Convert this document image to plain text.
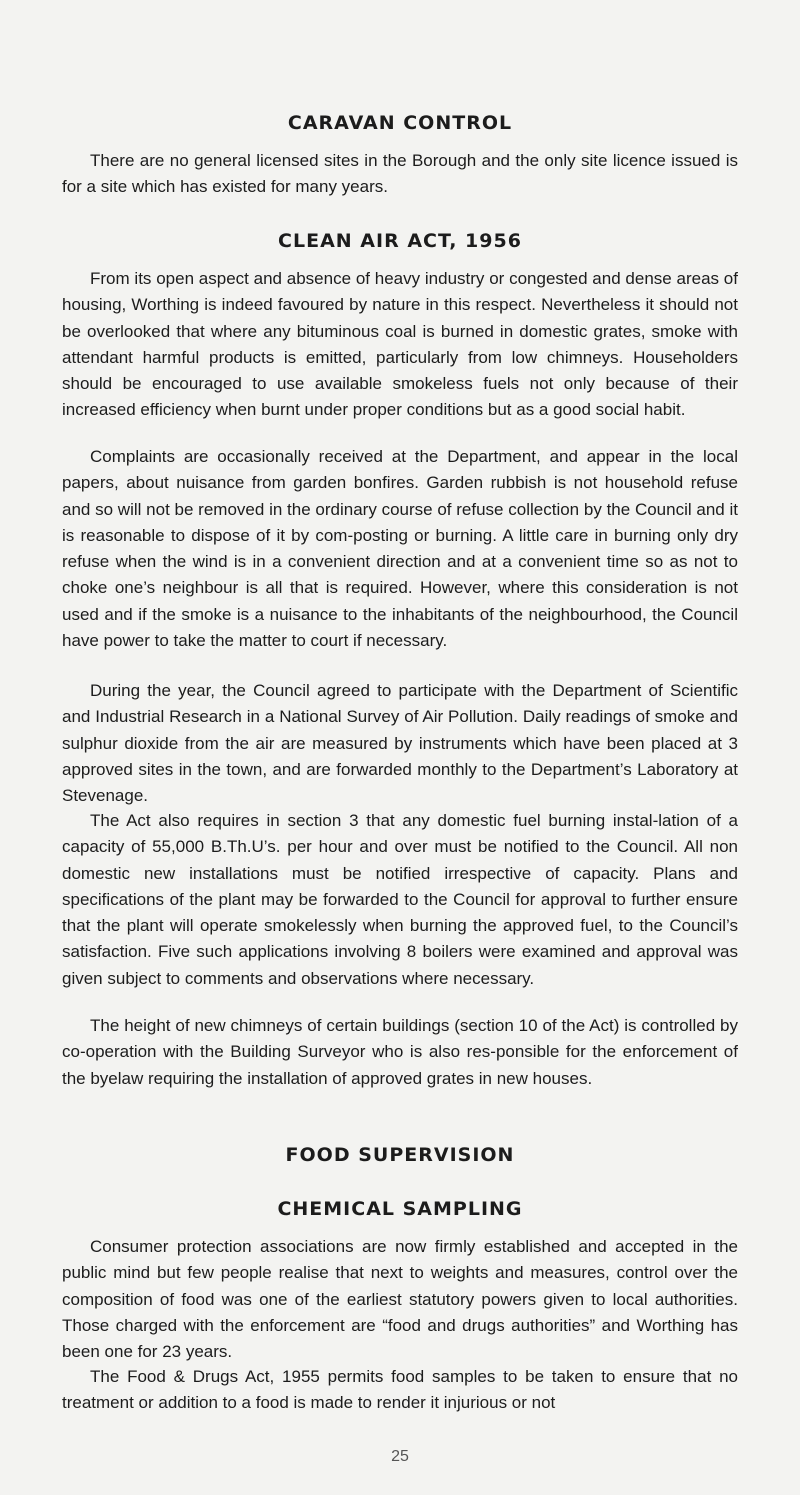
CARAVAN CONTROL

There are no general licensed sites in the Borough and the only site licence issued is for a site which has existed for many years.

CLEAN AIR ACT, 1956

From its open aspect and absence of heavy industry or congested and dense areas of housing, Worthing is indeed favoured by nature in this respect. Nevertheless it should not be overlooked that where any bituminous coal is burned in domestic grates, smoke with attendant harmful products is emitted, particularly from low chimneys. Householders should be encouraged to use available smokeless fuels not only because of their increased efficiency when burnt under proper conditions but as a good social habit.

Complaints are occasionally received at the Department, and appear in the local papers, about nuisance from garden bonfires. Garden rubbish is not household refuse and so will not be removed in the ordinary course of refuse collection by the Council and it is reasonable to dispose of it by com-posting or burning. A little care in burning only dry refuse when the wind is in a convenient direction and at a convenient time so as not to choke one’s neighbour is all that is required. However, where this consideration is not used and if the smoke is a nuisance to the inhabitants of the neighbourhood, the Council have power to take the matter to court if necessary.

During the year, the Council agreed to participate with the Department of Scientific and Industrial Research in a National Survey of Air Pollution. Daily readings of smoke and sulphur dioxide from the air are measured by instruments which have been placed at 3 approved sites in the town, and are forwarded monthly to the Department’s Laboratory at Stevenage.

The Act also requires in section 3 that any domestic fuel burning instal-lation of a capacity of 55,000 B.Th.U’s. per hour and over must be notified to the Council. All non domestic new installations must be notified irrespective of capacity. Plans and specifications of the plant may be forwarded to the Council for approval to further ensure that the plant will operate smokelessly when burning the approved fuel, to the Council’s satisfaction. Five such applications involving 8 boilers were examined and approval was given subject to comments and observations where necessary.

The height of new chimneys of certain buildings (section 10 of the Act) is controlled by co-operation with the Building Surveyor who is also res-ponsible for the enforcement of the byelaw requiring the installation of approved grates in new houses.

FOOD SUPERVISION
CHEMICAL SAMPLING

Consumer protection associations are now firmly established and accepted in the public mind but few people realise that next to weights and measures, control over the composition of food was one of the earliest statutory powers given to local authorities. Those charged with the enforcement are “food and drugs authorities” and Worthing has been one for 23 years.

The Food & Drugs Act, 1955 permits food samples to be taken to ensure that no treatment or addition to a food is made to render it injurious or not

25
